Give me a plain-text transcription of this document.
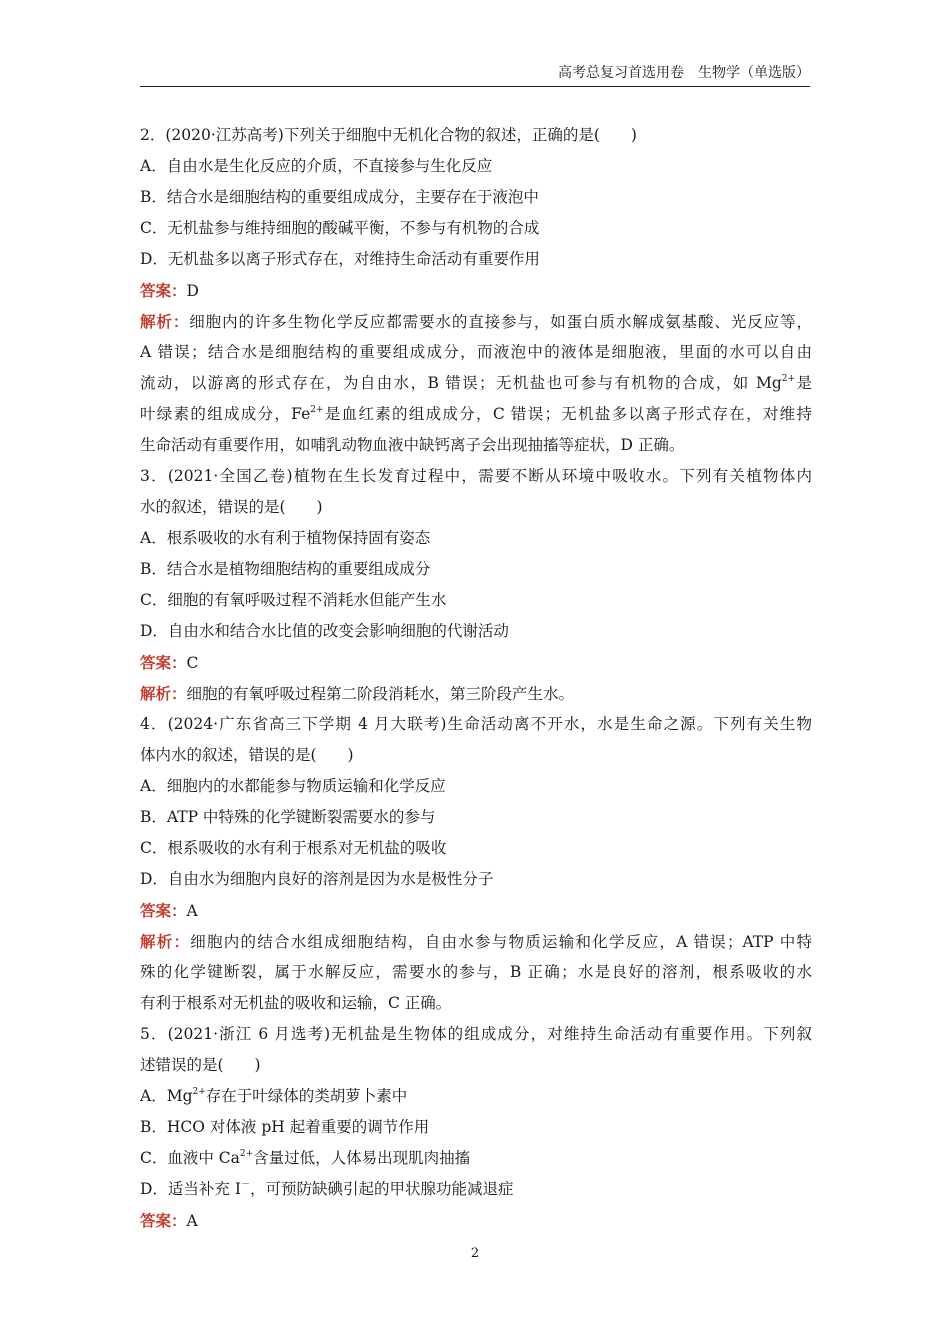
高考总复习首选用卷　生物学（单选版）
2．(2020·江苏高考)下列关于细胞中无机化合物的叙述，正确的是(　　)
A．自由水是生化反应的介质，不直接参与生化反应
B．结合水是细胞结构的重要组成成分，主要存在于液泡中
C．无机盐参与维持细胞的酸碱平衡，不参与有机物的合成
D．无机盐多以离子形式存在，对维持生命活动有重要作用
答案：D
解析：细胞内的许多生物化学反应都需要水的直接参与，如蛋白质水解成氨基酸、光反应等，
A 错误；结合水是细胞结构的重要组成成分，而液泡中的液体是细胞液，里面的水可以自由
流动，以游离的形式存在，为自由水，B 错误；无机盐也可参与有机物的合成，如 $Mg^{2+}$是
叶绿素的组成成分，$Fe^{2+}$是血红素的组成成分，C 错误；无机盐多以离子形式存在，对维持
生命活动有重要作用，如哺乳动物血液中缺钙离子会出现抽搐等症状，D 正确。
3．(2021·全国乙卷)植物在生长发育过程中，需要不断从环境中吸收水。下列有关植物体内
水的叙述，错误的是(　　)
A．根系吸收的水有利于植物保持固有姿态
B．结合水是植物细胞结构的重要组成成分
C．细胞的有氧呼吸过程不消耗水但能产生水
D．自由水和结合水比值的改变会影响细胞的代谢活动
答案：C
解析：细胞的有氧呼吸过程第二阶段消耗水，第三阶段产生水。
4．(2024·广东省高三下学期 4 月大联考)生命活动离不开水，水是生命之源。下列有关生物
体内水的叙述，错误的是(　　)
A．细胞内的水都能参与物质运输和化学反应
B．ATP 中特殊的化学键断裂需要水的参与
C．根系吸收的水有利于根系对无机盐的吸收
D．自由水为细胞内良好的溶剂是因为水是极性分子
答案：A
解析：细胞内的结合水组成细胞结构，自由水参与物质运输和化学反应，A 错误；ATP 中特
殊的化学键断裂，属于水解反应，需要水的参与，B 正确；水是良好的溶剂，根系吸收的水
有利于根系对无机盐的吸收和运输，C 正确。
5．(2021·浙江 6 月选考)无机盐是生物体的组成成分，对维持生命活动有重要作用。下列叙
述错误的是(　　)
A．$Mg^{2+}$存在于叶绿体的类胡萝卜素中
B．HCO 对体液 pH 起着重要的调节作用
C．血液中 $Ca^{2+}$含量过低，人体易出现肌肉抽搐
D．适当补充 I－，可预防缺碘引起的甲状腺功能减退症
答案：A
2
